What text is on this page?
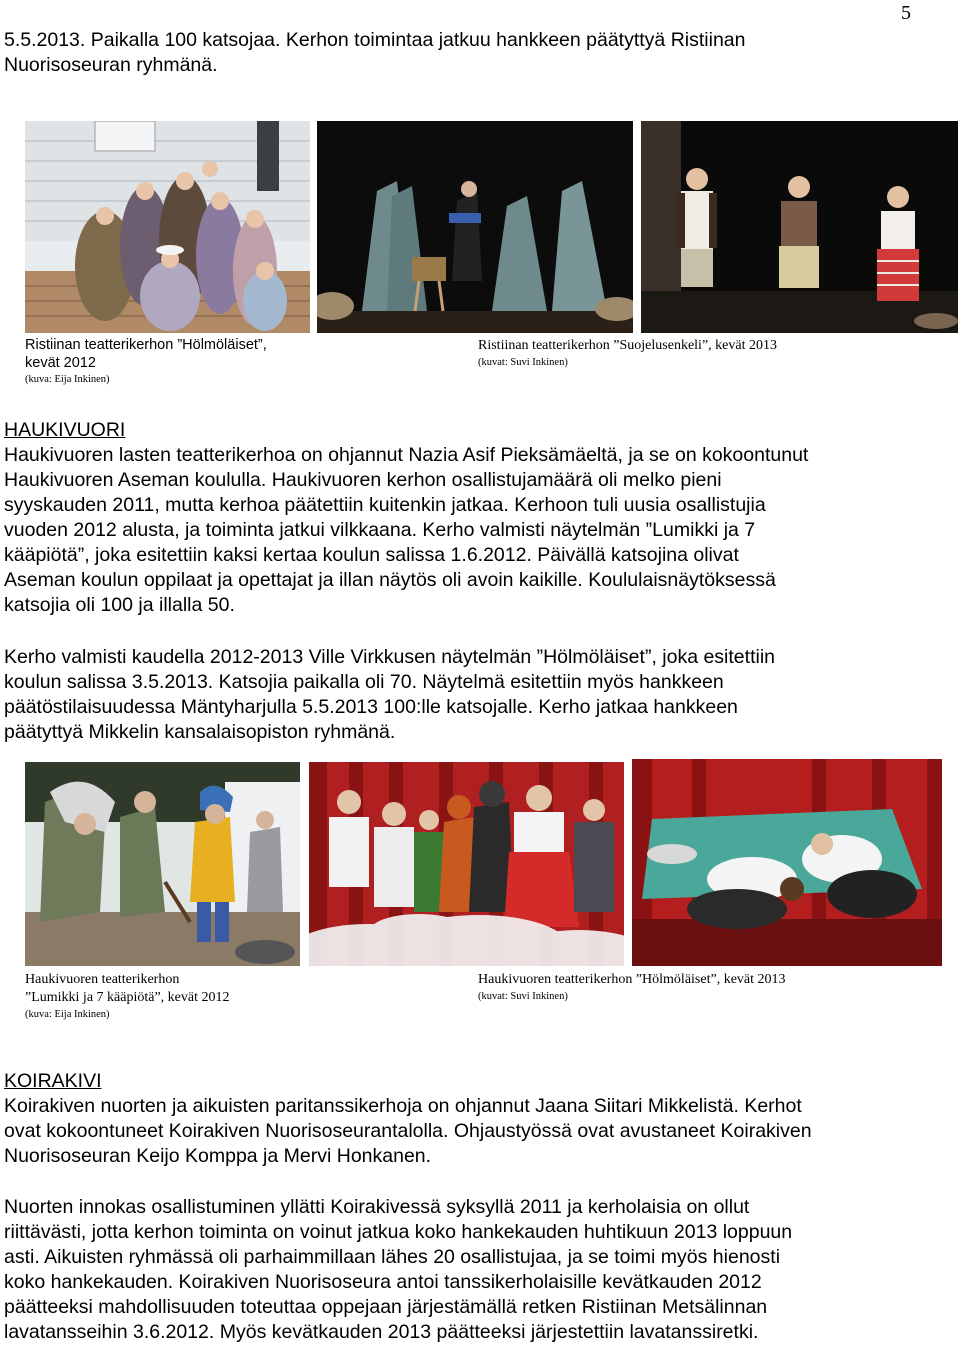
5
5.5.2013. Paikalla 100 katsojaa. Kerhon toimintaa jatkuu hankkeen päätyttyä Ristiinan
Nuorisoseuran ryhmänä.
Ristiinan teatterikerhon ”Hölmöläiset”,
kevät 2012
(kuva: Eija Inkinen)
Ristiinan teatterikerhon ”Suojelusenkeli”, kevät 2013
(kuvat: Suvi Inkinen)
HAUKIVUORI
Haukivuoren lasten teatterikerhoa on ohjannut Nazia Asif Pieksämäeltä, ja se on kokoontunut
Haukivuoren Aseman koululla. Haukivuoren kerhon osallistujamäärä oli melko pieni
syyskauden 2011, mutta kerhoa päätettiin kuitenkin jatkaa. Kerhoon tuli uusia osallistujia
vuoden 2012 alusta, ja toiminta jatkui vilkkaana. Kerho valmisti näytelmän ”Lumikki ja 7
kääpiötä”, joka esitettiin kaksi kertaa koulun salissa 1.6.2012. Päivällä katsojina olivat
Aseman koulun oppilaat ja opettajat ja illan näytös oli avoin kaikille. Koululaisnäytöksessä
katsojia oli 100 ja illalla 50.
Kerho valmisti kaudella 2012-2013 Ville Virkkusen näytelmän ”Hölmöläiset”, joka esitettiin
koulun salissa 3.5.2013. Katsojia paikalla oli 70. Näytelmä esitettiin myös hankkeen
päätöstilaisuudessa Mäntyharjulla 5.5.2013 100:lle katsojalle. Kerho jatkaa hankkeen
päätyttyä Mikkelin kansalaisopiston ryhmänä.
Haukivuoren teatterikerhon
”Lumikki ja 7 kääpiötä”, kevät 2012
(kuva: Eija Inkinen)
Haukivuoren teatterikerhon ”Hölmöläiset”, kevät 2013
(kuvat: Suvi Inkinen)
KOIRAKIVI
Koirakiven nuorten ja aikuisten paritanssikerhoja on ohjannut Jaana Siitari Mikkelistä. Kerhot
ovat kokoontuneet Koirakiven Nuorisoseurantalolla. Ohjaustyössä ovat avustaneet Koirakiven
Nuorisoseuran Keijo Komppa ja Mervi Honkanen.
Nuorten innokas osallistuminen yllätti Koirakivessä syksyllä 2011 ja kerholaisia on ollut
riittävästi, jotta kerhon toiminta on voinut jatkua koko hankekauden huhtikuun 2013 loppuun
asti. Aikuisten ryhmässä oli parhaimmillaan lähes 20 osallistujaa, ja se toimi myös hienosti
koko hankekauden. Koirakiven Nuorisoseura antoi tanssikerholaisille kevätkauden 2012
päätteeksi mahdollisuuden toteuttaa oppejaan järjestämällä retken Ristiinan Metsälinnan
lavatansseihin 3.6.2012. Myös kevätkauden 2013 päätteeksi järjestettiin lavatanssiretki.
